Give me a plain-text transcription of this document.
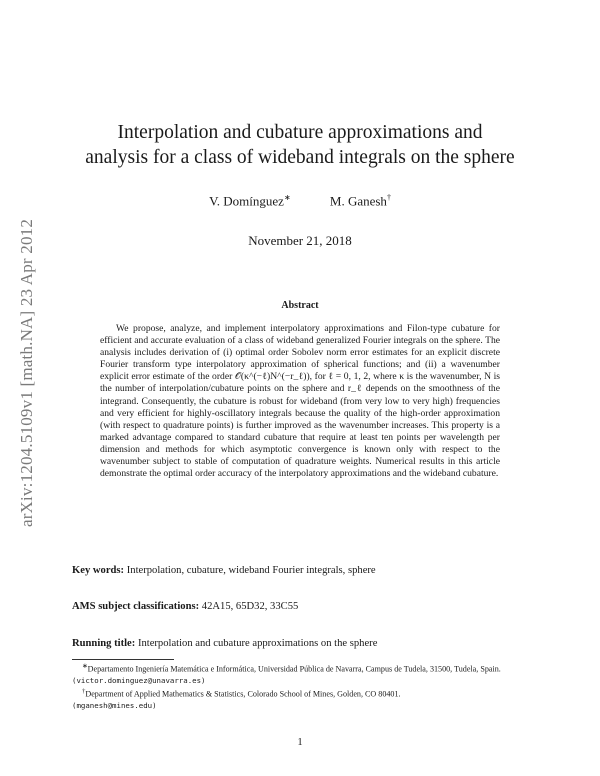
arXiv:1204.5109v1 [math.NA] 23 Apr 2012
Interpolation and cubature approximations and
analysis for a class of wideband integrals on the sphere
V. Domínguez∗	M. Ganesh†
November 21, 2018
Abstract

We propose, analyze, and implement interpolatory approximations and Filon-type cubature for efficient and accurate evaluation of a class of wideband generalized Fourier integrals on the sphere. The analysis includes derivation of (i) optimal order Sobolev norm error estimates for an explicit discrete Fourier transform type interpolatory approximation of spherical functions; and (ii) a wavenumber explicit error estimate of the order 𝒪(κ^(−ℓ)N^(−r_ℓ)), for ℓ = 0, 1, 2, where κ is the wavenumber, N is the number of interpolation/cubature points on the sphere and r_ℓ depends on the smoothness of the integrand. Consequently, the cubature is robust for wideband (from very low to very high) frequencies and very efficient for highly-oscillatory integrals because the quality of the high-order approximation (with respect to quadrature points) is further improved as the wavenumber increases. This property is a marked advantage compared to standard cubature that require at least ten points per wavelength per dimension and methods for which asymptotic convergence is known only with respect to the wavenumber subject to stable of computation of quadrature weights. Numerical results in this article demonstrate the optimal order accuracy of the interpolatory approximations and the wideband cubature.

Key words: Interpolation, cubature, wideband Fourier integrals, sphere
AMS subject classifications: 42A15, 65D32, 33C55
Running title: Interpolation and cubature approximations on the sphere

∗Departamento Ingeniería Matemática e Informática, Universidad Pública de Navarra, Campus de Tudela, 31500, Tudela, Spain.

(victor.dominguez@unavarra.es)

†Department of Applied Mathematics & Statistics, Colorado School of Mines, Golden, CO 80401.

(mganesh@mines.edu)

1
